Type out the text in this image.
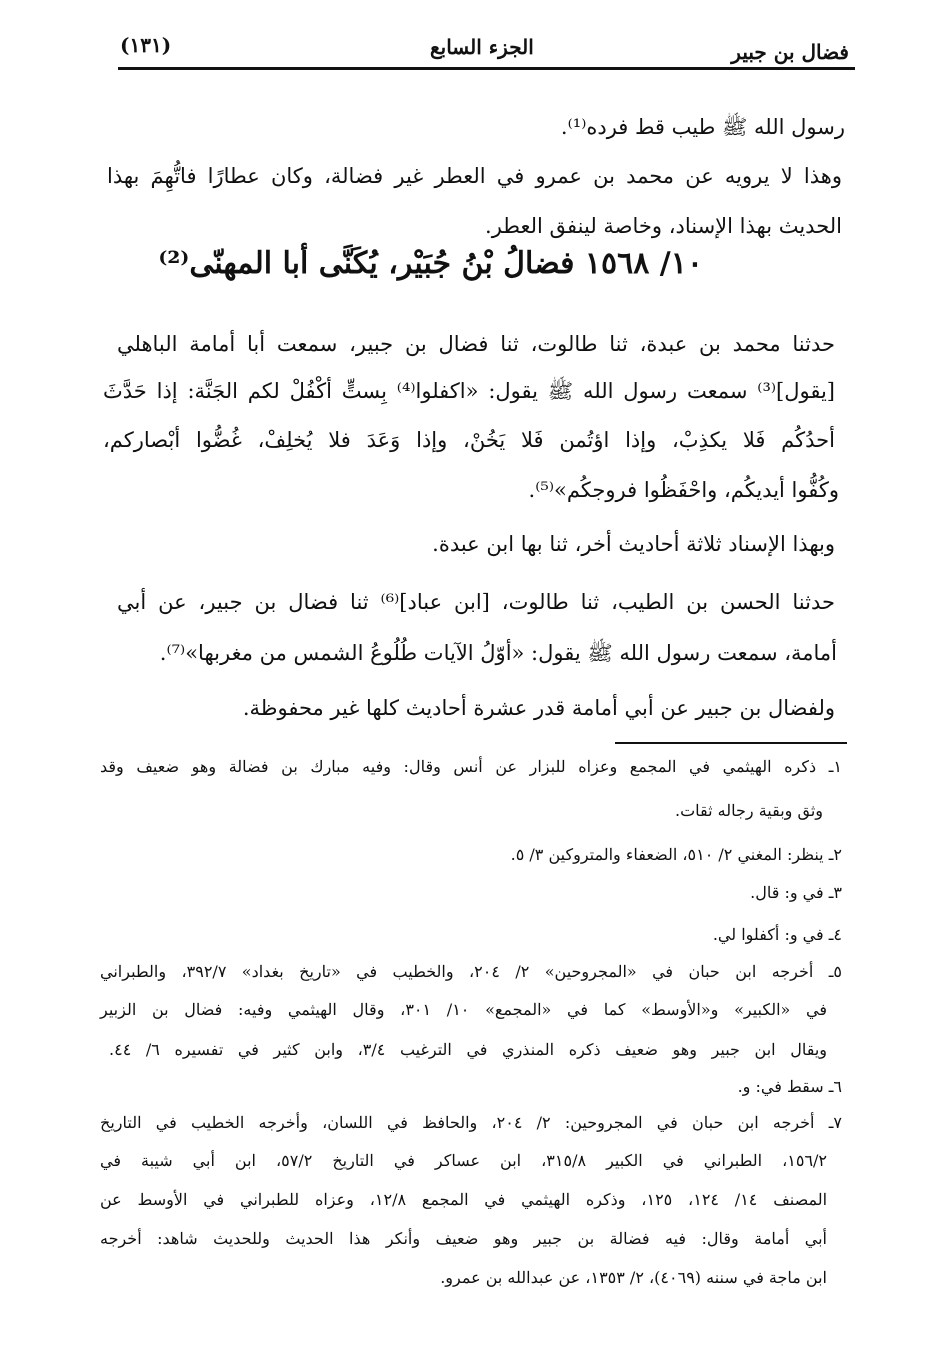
فضال بن جبير
الجزء السابع
(١٣١)
رسول الله ﷺ طيب قط فرده⁽¹⁾.
وهذا لا يرويه عن محمد بن عمرو في العطر غير فضالة، وكان عطارًا فاتُّهِمَ بهذا
الحديث بهذا الإسناد، وخاصة لينفق العطر.
١٠/ ١٥٦٨ فضالُ بْنُ جُبَيْر، يُكَنَّى أبا المهنّى⁽²⁾
حدثنا محمد بن عبدة، ثنا طالوت، ثنا فضال بن جبير، سمعت أبا أمامة الباهلي
[يقول]⁽³⁾ سمعت رسول الله ﷺ يقول: «اكفلوا⁽⁴⁾ بِستٍّ أكْفُلْ لكم الجَنَّة: إذا حَدَّثَ
أحدُكُم فَلا يكذِبْ، وإذا اؤتُمن فَلا يَخُنْ، وإذا وَعَدَ فلا يُخلِفْ، غُضُّوا أبْصاركم،
وكُفُّوا أيديكُم، واحْفَظُوا فروجكُم»⁽⁵⁾.
وبهذا الإسناد ثلاثة أحاديث أخر، ثنا بها ابن عبدة.
حدثنا الحسن بن الطيب، ثنا طالوت، [ابن عباد]⁽⁶⁾ ثنا فضال بن جبير، عن أبي
أمامة، سمعت رسول الله ﷺ يقول: «أوّلُ الآيات طُلُوعُ الشمس من مغربها»⁽⁷⁾.
ولفضال بن جبير عن أبي أمامة قدر عشرة أحاديث كلها غير محفوظة.
١ـ ذكره الهيثمي في المجمع وعزاه للبزار عن أنس وقال: وفيه مبارك بن فضالة وهو ضعيف وقد
وثق وبقية رجاله ثقات.
٢ـ ينظر: المغني ٢/ ٥١٠، الضعفاء والمتروكين ٣/ ٥.
٣ـ في و: قال.
٤ـ في و: أكفلوا لي.
٥ـ أخرجه ابن حبان في «المجروحين» ٢/ ٢٠٤، والخطيب في «تاريخ بغداد» ٣٩٢/٧، والطبراني
في «الكبير» و«الأوسط» كما في «المجمع» ١٠/ ٣٠١، وقال الهيثمي وفيه: فضال بن الزبير
ويقال ابن جبير وهو ضعيف ذكره المنذري في الترغيب ٣/٤، وابن كثير في تفسيره ٦/ ٤٤.
٦ـ سقط في: و.
٧ـ أخرجه ابن حبان في المجروحين: ٢/ ٢٠٤، والحافظ في اللسان، وأخرجه الخطيب في التاريخ
١٥٦/٢، الطبراني في الكبير ٣١٥/٨، ابن عساكر في التاريخ ٥٧/٢، ابن أبي شيبة في
المصنف ١٤/ ١٢٤، ١٢٥، وذكره الهيثمي في المجمع ١٢/٨، وعزاه للطبراني في الأوسط عن
أبي أمامة وقال: فيه فضالة بن جبير وهو ضعيف وأنكر هذا الحديث وللحديث شاهد: أخرجه
ابن ماجة في سننه (٤٠٦٩)، ٢/ ١٣٥٣، عن عبدالله بن عمرو.
